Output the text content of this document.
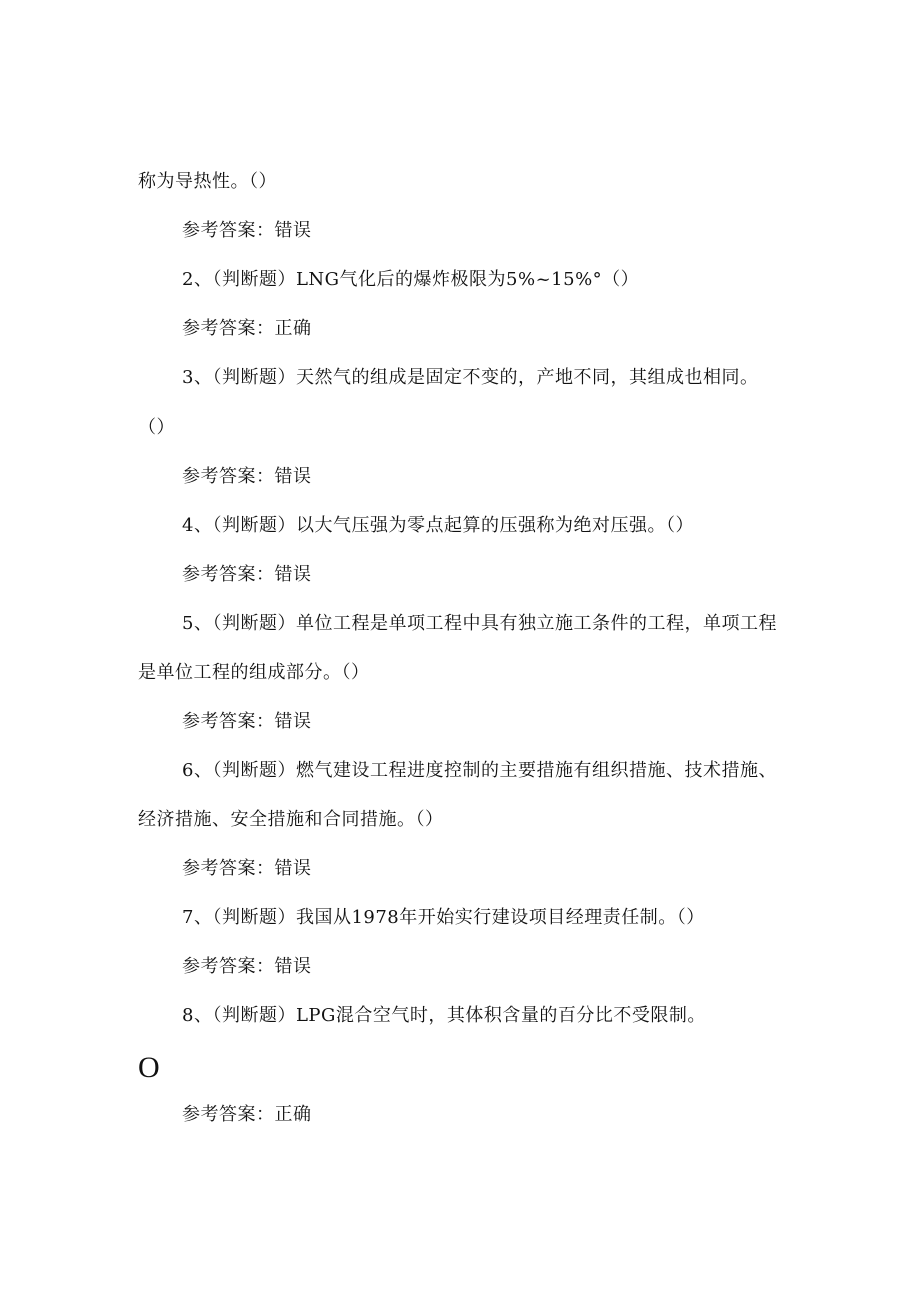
称为导热性。（）
参考答案：错误
2、（判断题）LNG气化后的爆炸极限为5%~15%°（）
参考答案：正确
3、（判断题）天然气的组成是固定不变的，产地不同，其组成也相同。
（）
参考答案：错误
4、（判断题）以大气压强为零点起算的压强称为绝对压强。（）
参考答案：错误
5、（判断题）单位工程是单项工程中具有独立施工条件的工程，单项工程
是单位工程的组成部分。（）
参考答案：错误
6、（判断题）燃气建设工程进度控制的主要措施有组织措施、技术措施、
经济措施、安全措施和合同措施。（）
参考答案：错误
7、（判断题）我国从1978年开始实行建设项目经理责任制。（）
参考答案：错误
8、（判断题）LPG混合空气时，其体积含量的百分比不受限制。
O
参考答案：正确
